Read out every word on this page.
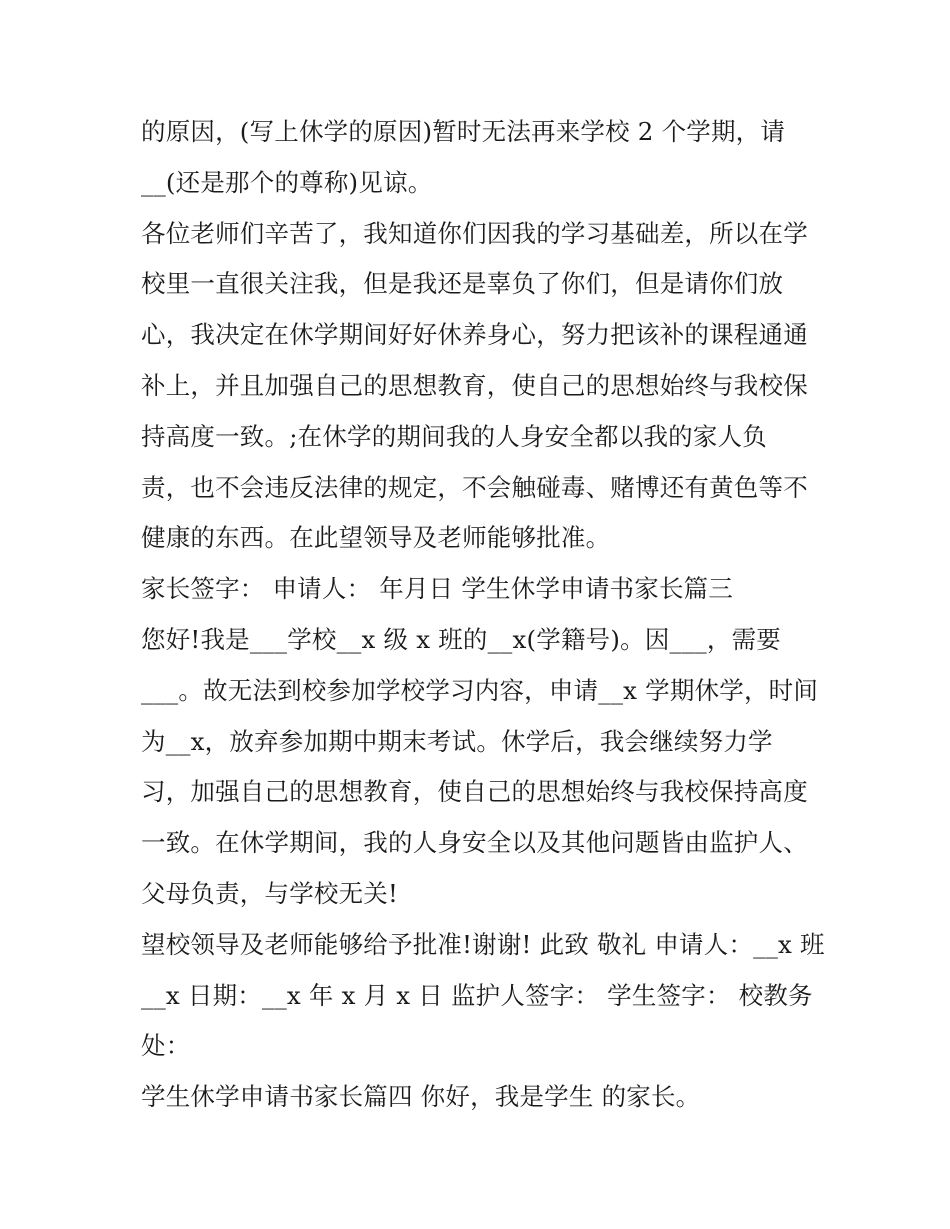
的原因，(写上休学的原因)暂时无法再来学校 2 个学期，请
__(还是那个的尊称)见谅。
各位老师们辛苦了，我知道你们因我的学习基础差，所以在学
校里一直很关注我，但是我还是辜负了你们，但是请你们放
心，我决定在休学期间好好休养身心，努力把该补的课程通通
补上，并且加强自己的思想教育，使自己的思想始终与我校保
持高度一致。;在休学的期间我的人身安全都以我的家人负
责，也不会违反法律的规定，不会触碰毒、赌博还有黄色等不
健康的东西。在此望领导及老师能够批准。
家长签字： 申请人： 年月日 学生休学申请书家长篇三
您好!我是___学校__x 级 x 班的__x(学籍号)。因___，需要
___。故无法到校参加学校学习内容，申请__x 学期休学，时间
为__x，放弃参加期中期末考试。休学后，我会继续努力学
习，加强自己的思想教育，使自己的思想始终与我校保持高度
一致。在休学期间，我的人身安全以及其他问题皆由监护人、
父母负责，与学校无关!
望校领导及老师能够给予批准!谢谢! 此致 敬礼 申请人：__x 班
__x 日期：__x 年 x 月 x 日 监护人签字： 学生签字： 校教务
处：
学生休学申请书家长篇四 你好，我是学生 的家长。
